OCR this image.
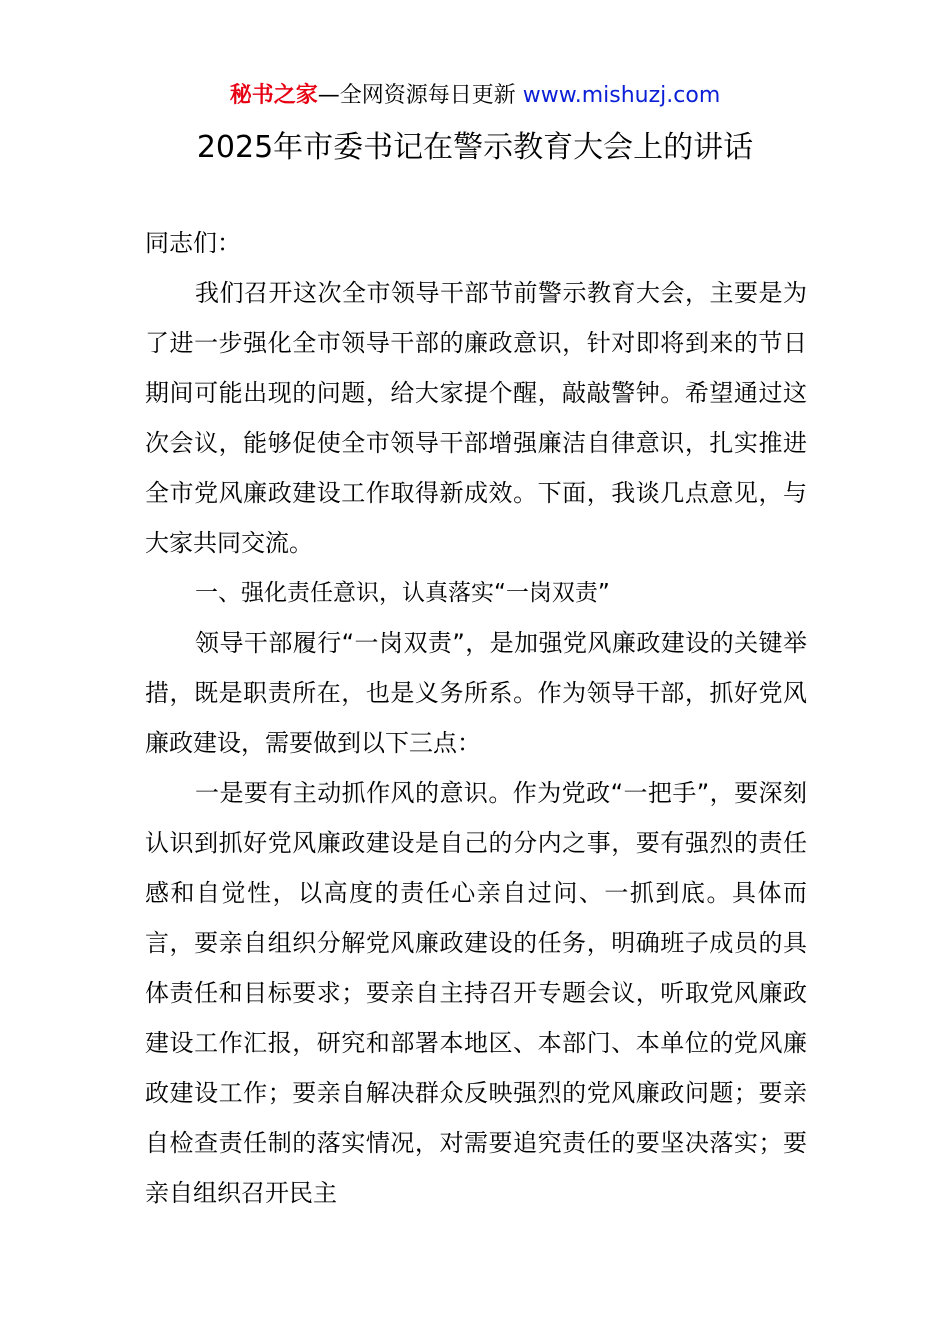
秘书之家—全网资源每日更新 www.mishuzj.com
2025年市委书记在警示教育大会上的讲话

同志们：

我们召开这次全市领导干部节前警示教育大会，主要是为了进一步强化全市领导干部的廉政意识，针对即将到来的节日期间可能出现的问题，给大家提个醒，敲敲警钟。希望通过这次会议，能够促使全市领导干部增强廉洁自律意识，扎实推进全市党风廉政建设工作取得新成效。下面，我谈几点意见，与大家共同交流。

一、强化责任意识，认真落实“一岗双责”

领导干部履行“一岗双责”，是加强党风廉政建设的关键举措，既是职责所在，也是义务所系。作为领导干部，抓好党风廉政建设，需要做到以下三点：

一是要有主动抓作风的意识。作为党政“一把手”，要深刻认识到抓好党风廉政建设是自己的分内之事，要有强烈的责任感和自觉性，以高度的责任心亲自过问、一抓到底。具体而言，要亲自组织分解党风廉政建设的任务，明确班子成员的具体责任和目标要求；要亲自主持召开专题会议，听取党风廉政建设工作汇报，研究和部署本地区、本部门、本单位的党风廉政建设工作；要亲自解决群众反映强烈的党风廉政问题；要亲自检查责任制的落实情况，对需要追究责任的要坚决落实；要亲自组织召开民主
